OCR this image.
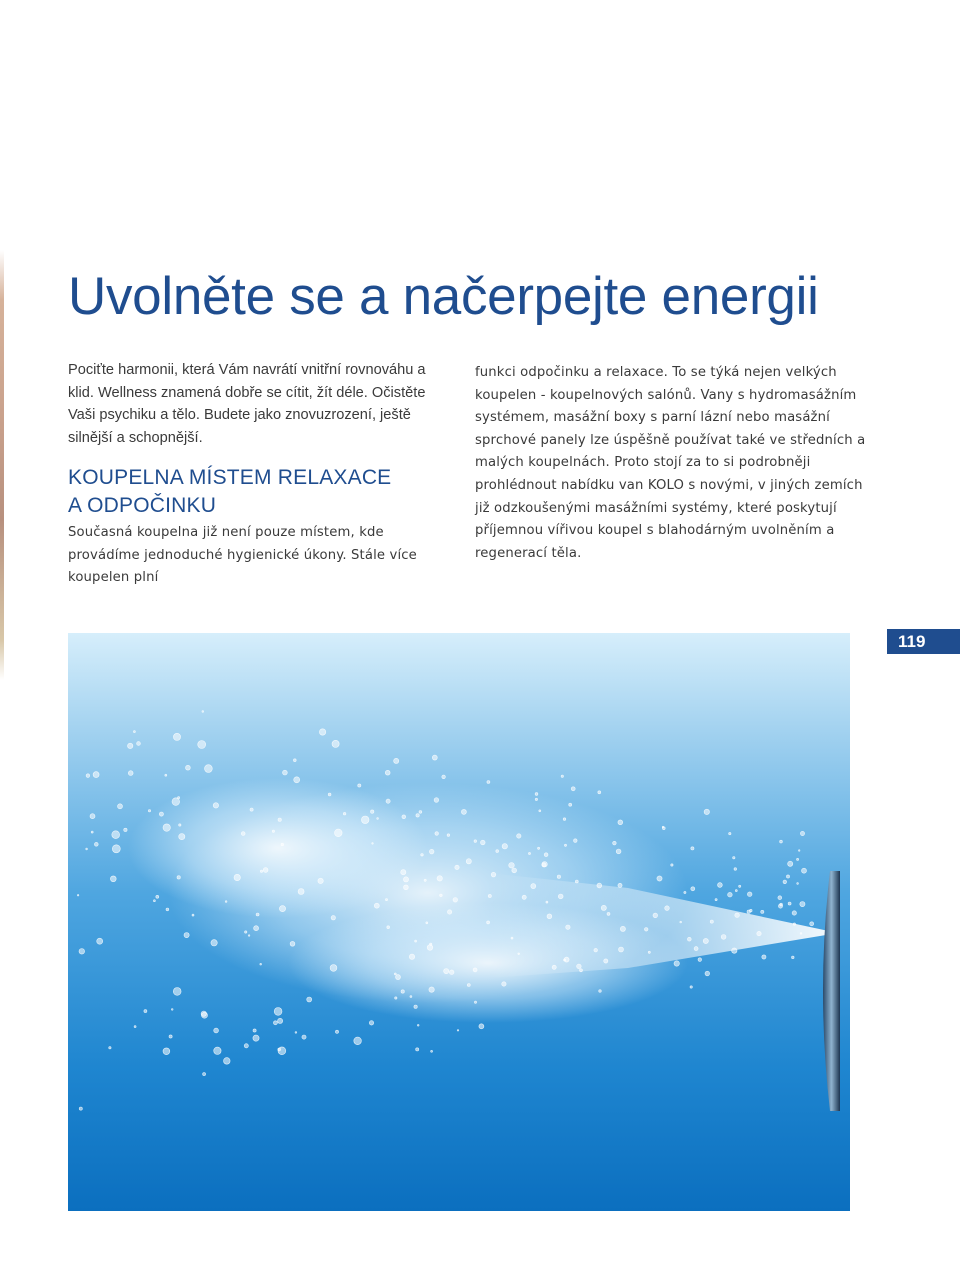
Uvolněte se a načerpejte energii

Pociťte harmonii, která Vám navrátí vnitřní rovnováhu a klid. Wellness znamená dobře se cítit, žít déle. Očistěte Vaši psychiku a tělo. Budete jako znovuzrození, ještě silnější a schopnější.

KOUPELNA MÍSTEM RELAXACE
A ODPOČINKU

Současná koupelna již není pouze místem, kde provádíme jednoduché hygienické úkony. Stále více koupelen plní

funkci odpočinku a relaxace. To se týká nejen velkých koupelen - koupelnových salónů. Vany s hydromasážním systémem, masážní boxy s parní lázní nebo masážní sprchové panely lze úspěšně používat také ve středních a malých koupelnách. Proto stojí za to si podrobněji prohlédnout nabídku van KOLO s novými, v jiných zemích již odzkoušenými masážními systémy, které poskytují příjemnou vířivou koupel s blahodárným uvolněním a regenerací těla.

119
